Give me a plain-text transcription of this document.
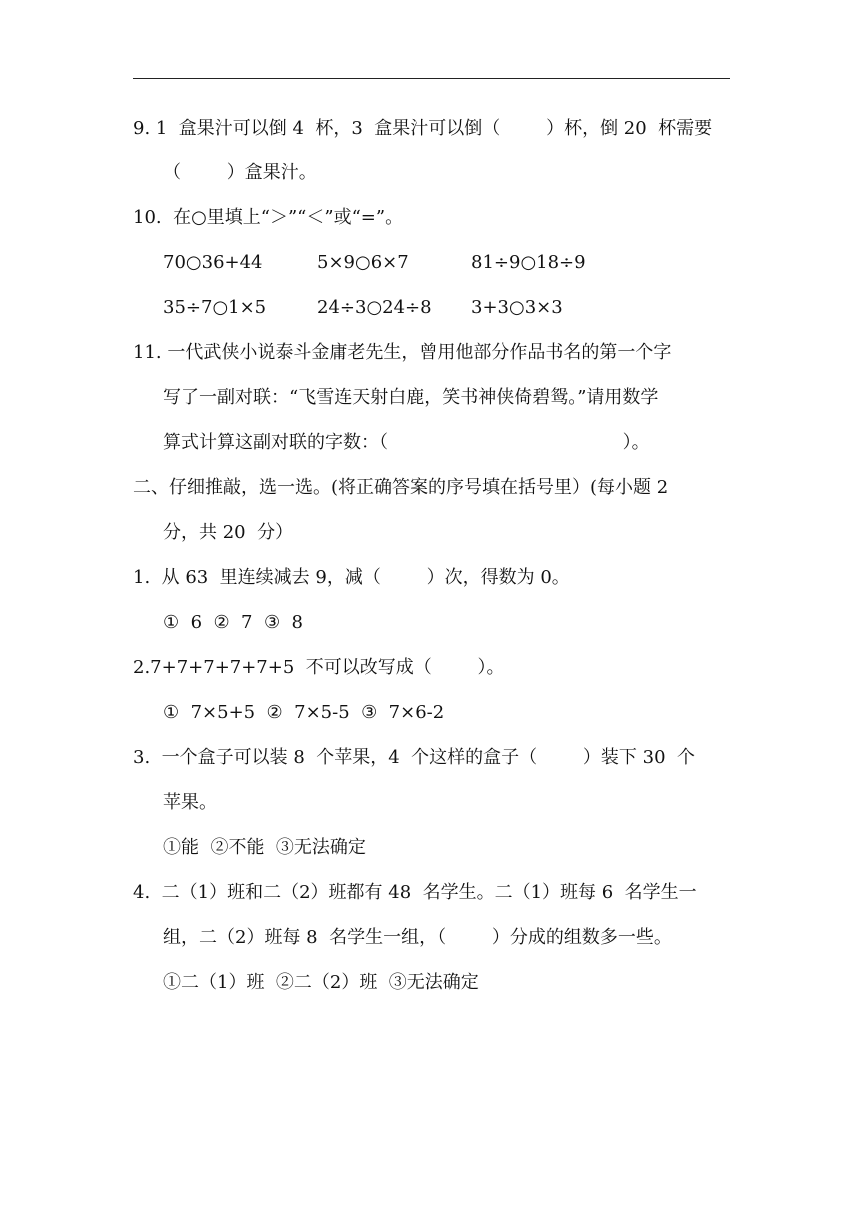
9. 1  盒果汁可以倒 4  杯，3  盒果汁可以倒（        ）杯，倒 20  杯需要
（        ）盒果汁。
10.  在○里填上“＞”“＜”或“=”。
70○36+44	5×9○6×7	81÷9○18÷9
35÷7○1×5	24÷3○24÷8 3+3○3×3
11. 一代武侠小说泰斗金庸老先生，曾用他部分作品书名的第一个字
写了一副对联：“飞雪连天射白鹿，笑书神侠倚碧鸳。”请用数学
算式计算这副对联的字数：（                                         ）。
二、仔细推敲，选一选。(将正确答案的序号填在括号里）(每小题 2
分，共 20  分）
1.  从 63  里连续减去 9，减（        ）次，得数为 0。
①  6  ②  7  ③  8
2.7+7+7+7+7+5  不可以改写成（        ）。
①  7×5+5  ②  7×5-5  ③  7×6-2
3.  一个盒子可以装 8  个苹果，4  个这样的盒子（        ）装下 30  个
苹果。
①能  ②不能  ③无法确定
4.  二（1）班和二（2）班都有 48  名学生。二（1）班每 6  名学生一
组，二（2）班每 8  名学生一组，（        ）分成的组数多一些。
①二（1）班  ②二（2）班  ③无法确定
